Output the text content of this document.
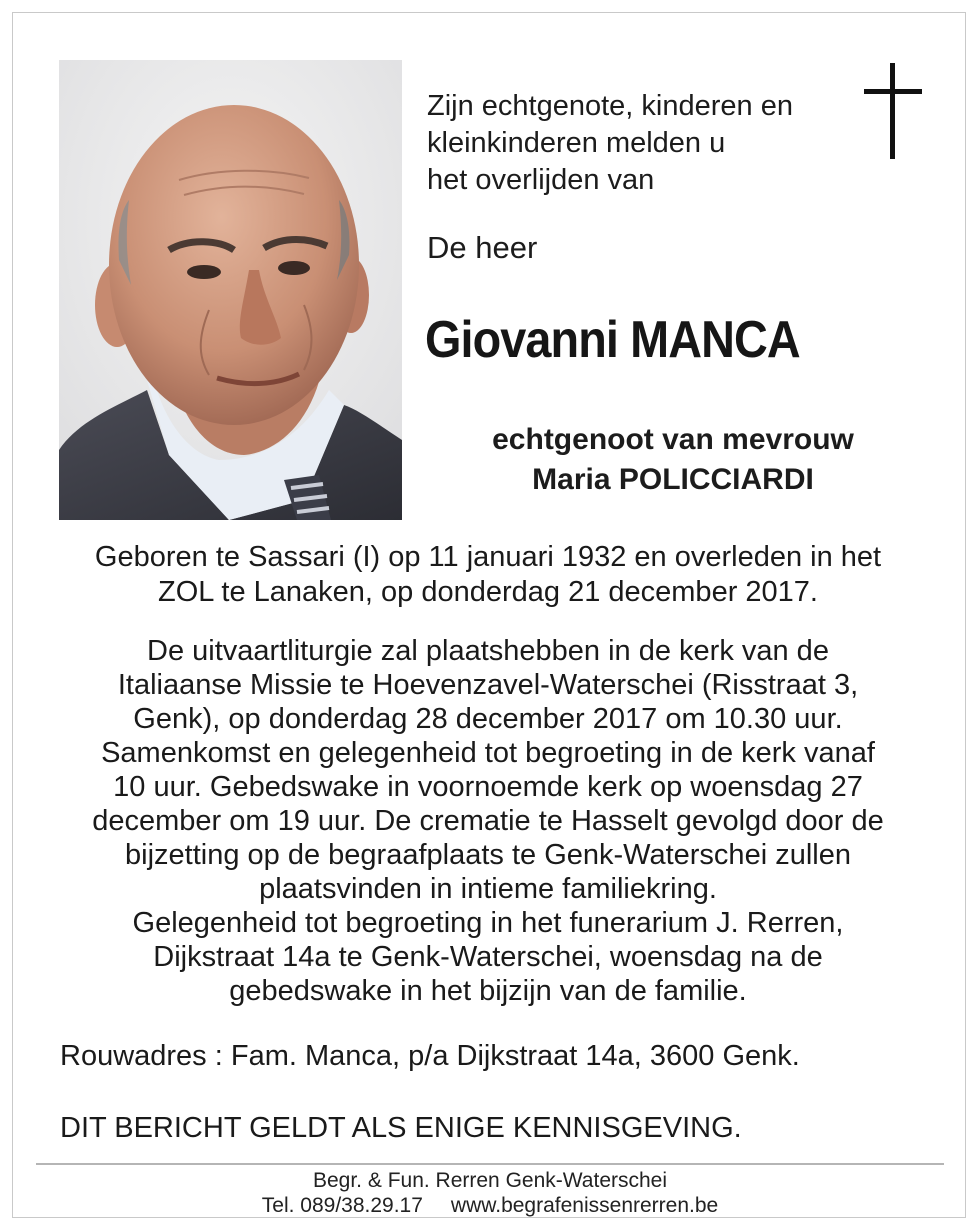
Zijn echtgenote, kinderen en
kleinkinderen melden u
het overlijden van
De heer
Giovanni MANCA
echtgenoot van mevrouw
Maria POLICCIARDI
Geboren te Sassari (I) op 11 januari 1932 en overleden in het
ZOL te Lanaken, op donderdag 21 december 2017.
De uitvaartliturgie zal plaatshebben in de kerk van de
Italiaanse Missie te Hoevenzavel-Waterschei (Risstraat 3,
Genk), op donderdag 28 december 2017 om 10.30 uur.
Samenkomst en gelegenheid tot begroeting in de kerk vanaf
10 uur. Gebedswake in voornoemde kerk op woensdag 27
december om 19 uur. De crematie te Hasselt gevolgd door de
bijzetting op de begraafplaats te Genk-Waterschei zullen
plaatsvinden in intieme familiekring.
Gelegenheid tot begroeting in het funerarium J. Rerren,
Dijkstraat 14a te Genk-Waterschei, woensdag na de
gebedswake in het bijzijn van de familie.
Rouwadres : Fam. Manca, p/a Dijkstraat 14a, 3600 Genk.
DIT BERICHT GELDT ALS ENIGE KENNISGEVING.
Begr. & Fun. Rerren Genk-Waterschei
Tel. 089/38.29.17 www.begrafenissenrerren.be
